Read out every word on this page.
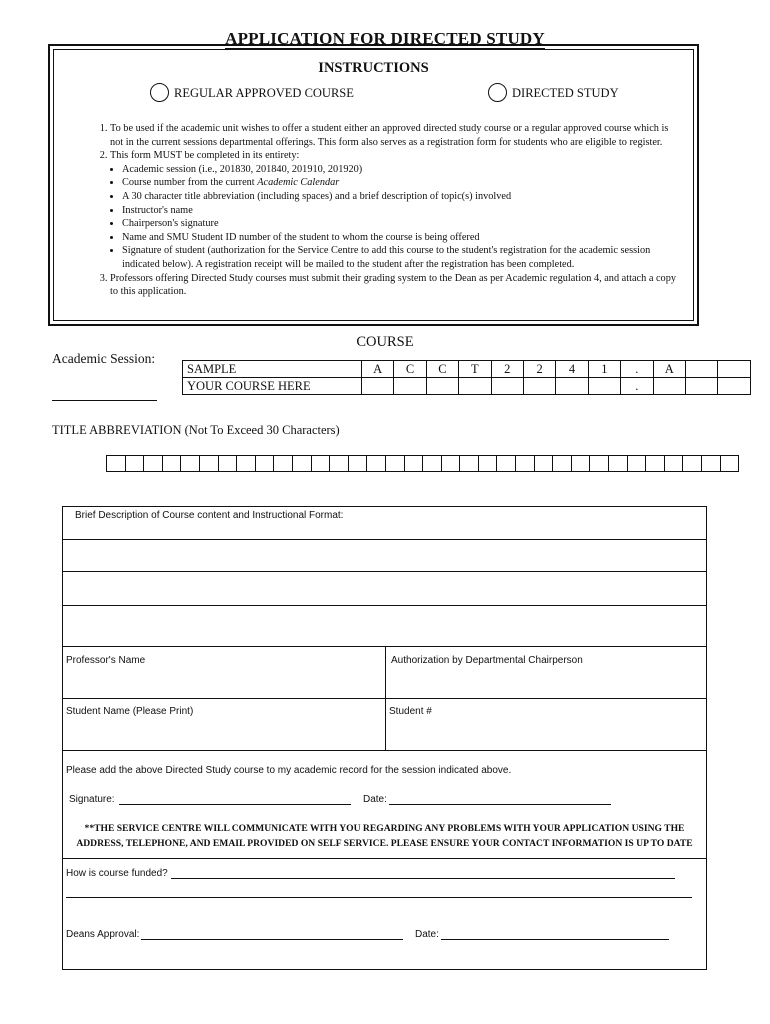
APPLICATION FOR DIRECTED STUDY
INSTRUCTIONS
REGULAR APPROVED COURSE	DIRECTED STUDY
1. To be used if the academic unit wishes to offer a student either an approved directed study course or a regular approved course which is not in the current sessions departmental offerings. This form also serves as a registration form for students who are eligible to register.
2. This form MUST be completed in its entirety:
• Academic session (i.e., 201830, 201840, 201910, 201920)
• Course number from the current Academic Calendar
• A 30 character title abbreviation (including spaces) and a brief description of topic(s) involved
• Instructor's name
• Chairperson's signature
• Name and SMU Student ID number of the student to whom the course is being offered
• Signature of student (authorization for the Service Centre to add this course to the student's registration for the academic session indicated below). A registration receipt will be mailed to the student after the registration has been completed.
3. Professors offering Directed Study courses must submit their grading system to the Dean as per Academic regulation 4, and attach a copy to this application.
COURSE
Academic Session:
SAMPLE	A	C	C	T	2	2	4	1	.	A		
YOUR COURSE HERE									.			
TITLE ABBREVIATION (Not To Exceed 30 Characters)

Brief Description of Course content and Instructional Format:
Professor's Name	Authorization by Departmental Chairperson
Student Name (Please Print)	Student #
Please add the above Directed Study course to my academic record for the session indicated above.
Signature:	Date:
**THE SERVICE CENTRE WILL COMMUNICATE WITH YOU REGARDING ANY PROBLEMS WITH YOUR APPLICATION USING THE
ADDRESS, TELEPHONE, AND EMAIL PROVIDED ON SELF SERVICE. PLEASE ENSURE YOUR CONTACT INFORMATION IS UP TO DATE
How is course funded?
Deans Approval:	Date:
